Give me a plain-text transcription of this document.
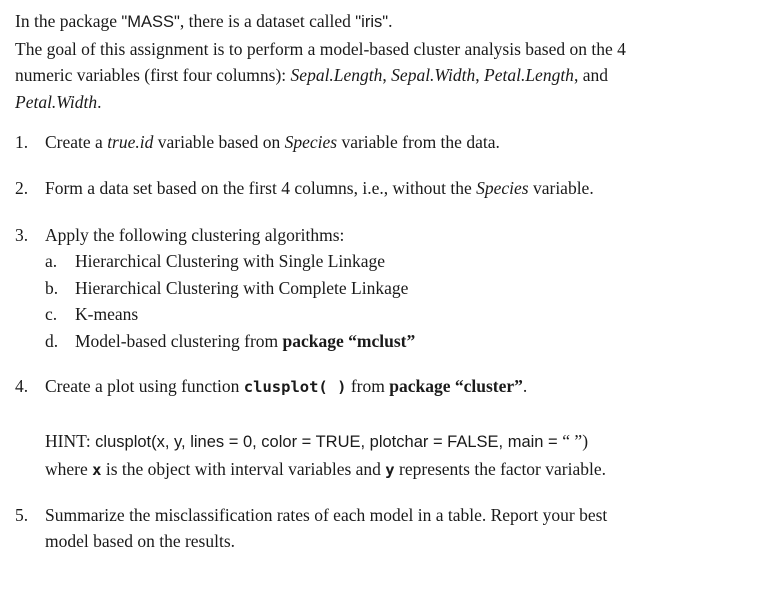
In the package "MASS", there is a dataset called "iris".

The goal of this assignment is to perform a model-based cluster analysis based on the 4

numeric variables (first four columns): Sepal.Length, Sepal.Width, Petal.Length, and

Petal.Width.

1. Create a true.id variable based on Species variable from the data.
2. Form a data set based on the first 4 columns, i.e., without the Species variable.
3. Apply the following clustering algorithms:
a. Hierarchical Clustering with Single Linkage
b. Hierarchical Clustering with Complete Linkage
c. K-means
d. Model-based clustering from package “mclust”
4. Create a plot using function clusplot( ) from package “cluster”.
HINT: clusplot(x, y, lines = 0, color = TRUE, plotchar = FALSE, main = “ ”)
where x is the object with interval variables and y represents the factor variable.
5. Summarize the misclassification rates of each model in a table. Report your best
model based on the results.
